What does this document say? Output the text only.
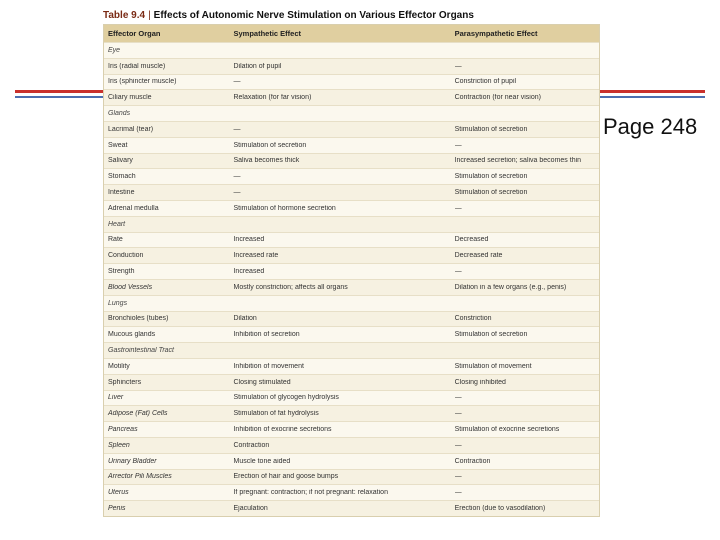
Page 248
Table 9.4 | Effects of Autonomic Nerve Stimulation on Various Effector Organs
Effector Organ	Sympathetic Effect	Parasympathetic Effect
Eye
Iris (radial muscle)	Dilation of pupil	—
Iris (sphincter muscle)	—	Constriction of pupil
Ciliary muscle	Relaxation (for far vision)	Contraction (for near vision)
Glands
Lacrimal (tear)	—	Stimulation of secretion
Sweat	Stimulation of secretion	—
Salivary	Saliva becomes thick	Increased secretion; saliva becomes thin
Stomach	—	Stimulation of secretion
Intestine	—	Stimulation of secretion
Adrenal medulla	Stimulation of hormone secretion	—
Heart
Rate	Increased	Decreased
Conduction	Increased rate	Decreased rate
Strength	Increased	—
Blood Vessels	Mostly constriction; affects all organs	Dilation in a few organs (e.g., penis)
Lungs
Bronchioles (tubes)	Dilation	Constriction
Mucous glands	Inhibition of secretion	Stimulation of secretion
Gastrointestinal Tract
Motility	Inhibition of movement	Stimulation of movement
Sphincters	Closing stimulated	Closing inhibited
Liver	Stimulation of glycogen hydrolysis	—
Adipose (Fat) Cells	Stimulation of fat hydrolysis	—
Pancreas	Inhibition of exocrine secretions	Stimulation of exocrine secretions
Spleen	Contraction	—
Urinary Bladder	Muscle tone aided	Contraction
Arrector Pili Muscles	Erection of hair and goose bumps	—
Uterus	If pregnant: contraction; if not pregnant: relaxation	—
Penis	Ejaculation	Erection (due to vasodilation)
